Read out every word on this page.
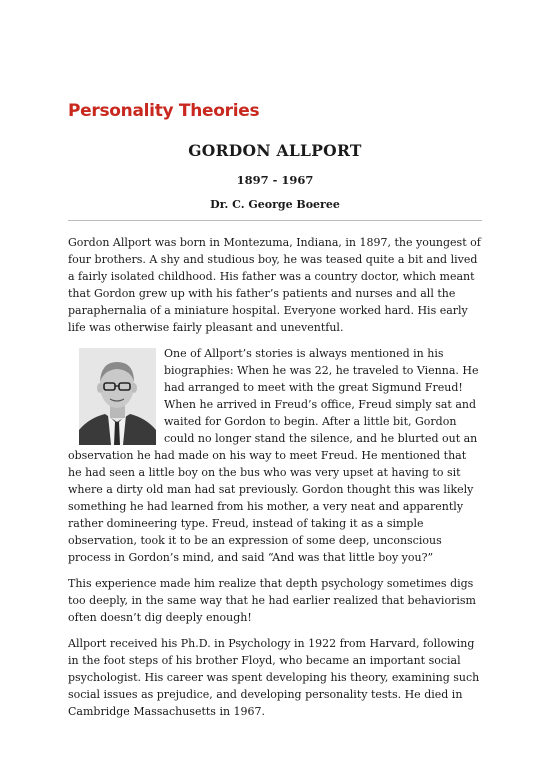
Personality Theories
GORDON ALLPORT
1897 - 1967
Dr. C. George Boeree

Gordon Allport was born in Montezuma, Indiana, in 1897, the youngest of four brothers. A shy and studious boy, he was teased quite a bit and lived a fairly isolated childhood. His father was a country doctor, which meant that Gordon grew up with his father’s patients and nurses and all the paraphernalia of a miniature hospital. Everyone worked hard. His early life was otherwise fairly pleasant and uneventful.

One of Allport’s stories is always mentioned in his biographies: When he was 22, he traveled to Vienna. He had arranged to meet with the great Sigmund Freud! When he arrived in Freud’s office, Freud simply sat and waited for Gordon to begin. After a little bit, Gordon could no longer stand the silence, and he blurted out an observation he had made on his way to meet Freud. He mentioned that he had seen a little boy on the bus who was very upset at having to sit where a dirty old man had sat previously. Gordon thought this was likely something he had learned from his mother, a very neat and apparently rather domineering type. Freud, instead of taking it as a simple observation, took it to be an expression of some deep, unconscious process in Gordon’s mind, and said “And was that little boy you?”

This experience made him realize that depth psychology sometimes digs too deeply, in the same way that he had earlier realized that behaviorism often doesn’t dig deeply enough!

Allport received his Ph.D. in Psychology in 1922 from Harvard, following in the foot steps of his brother Floyd, who became an important social psychologist. His career was spent developing his theory, examining such social issues as prejudice, and developing personality tests. He died in Cambridge Massachusetts in 1967.
